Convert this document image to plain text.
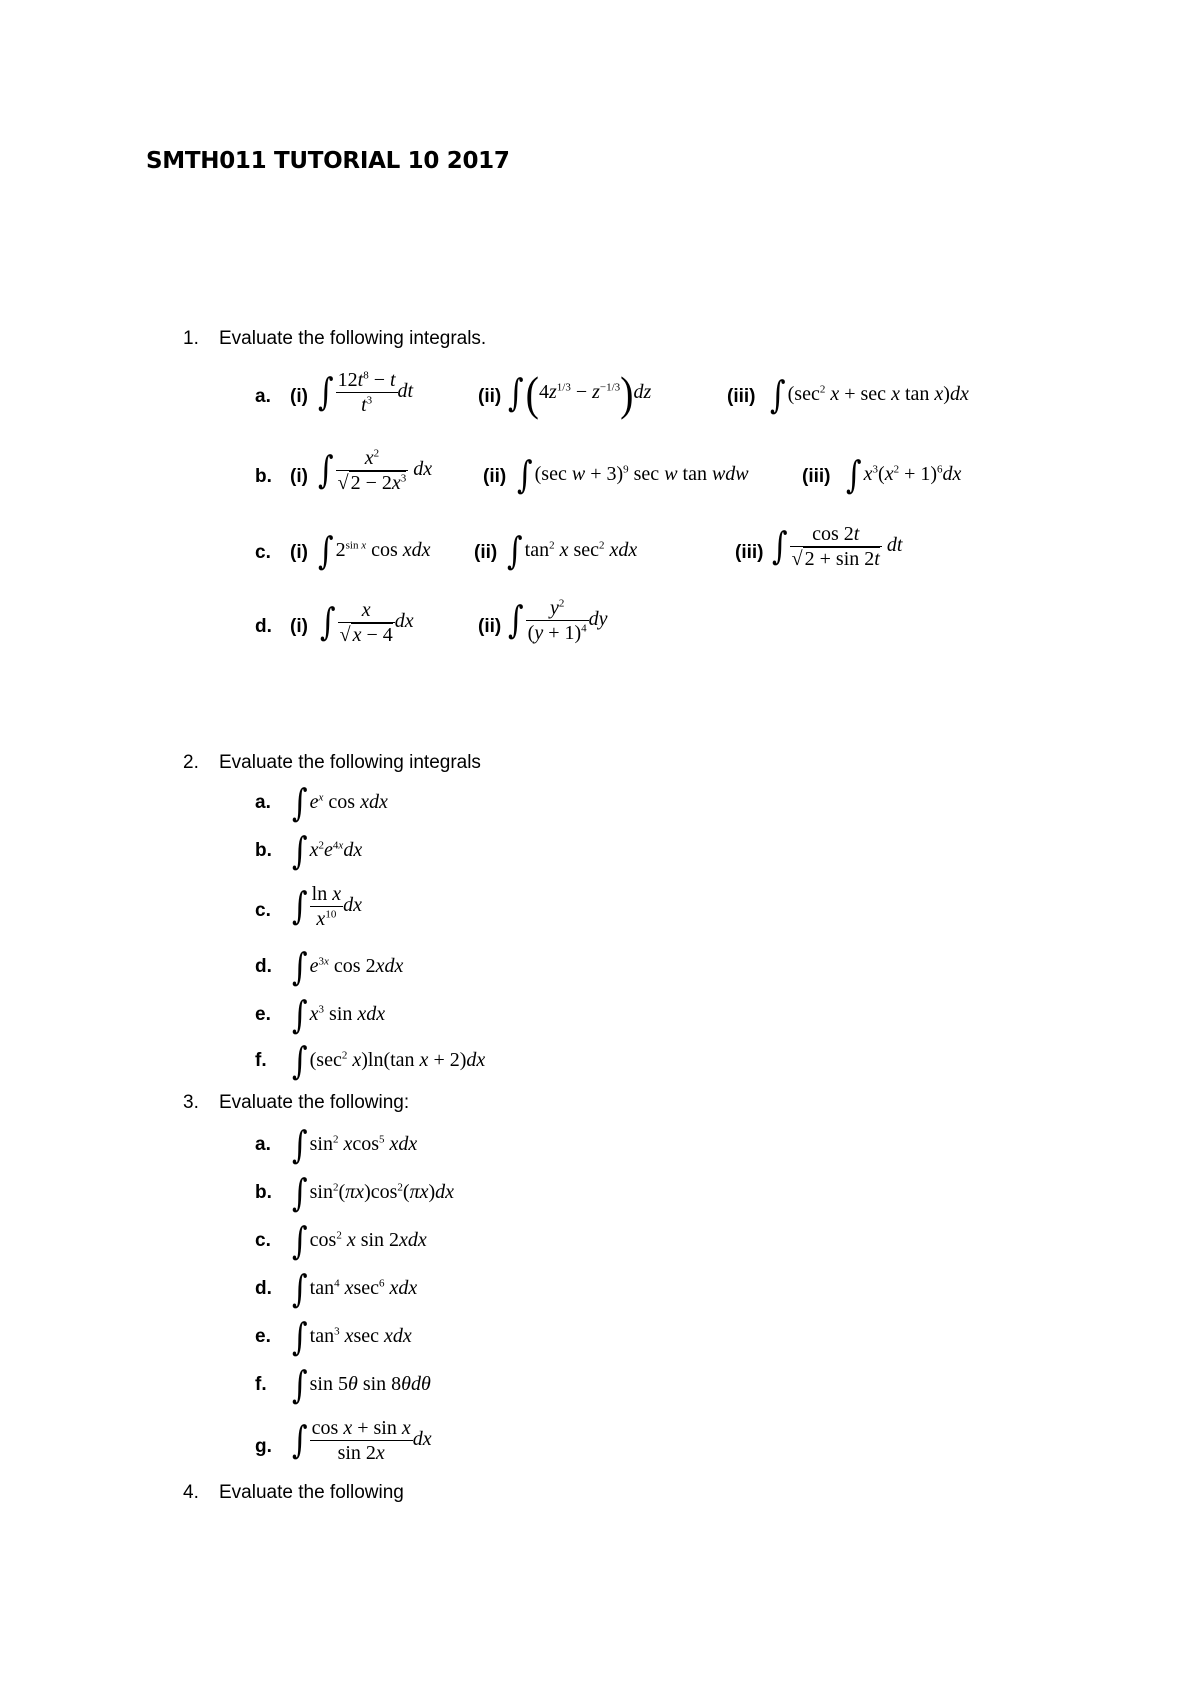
SMTH011 TUTORIAL 10 2017
1. Evaluate the following integrals.
a. (i) ∫ $\frac{12t^8 - t}{t^3}$ dt	(ii) $\int(4z^{1/3} - z^{-1/3})dz$	(iii) ∫ ($\sec^2$ x + sec x tan x)dx
b. (i) ∫ $\frac{x^2}{√ 2 - 2x^3}$ dx	(ii) ∫ (sec w + 3)$^9$ sec w tan wdw	(iii) ∫ $x^3(x^2 + 1)^6dx$
c. (i) ∫ $2^{sin x}$ cos xdx (ii) ∫ $\tan^2 x$ $\sec^2$ xdx	(iii) ∫ $\frac{\cos 2t}{√ 2 + \sin 2t}$ dt
d. (i) ∫ $\frac{x}{√ x - 4}$ dx	(ii) ∫ $\frac{y^2}{(y + 1)^4}$ dy
2. Evaluate the following integrals
a. ∫ $e^x$ cos xdx
b. ∫ $x^2e^{4x}dx$
c. ∫ $\frac{\text{ln x}}{x^{10}}$ dx
d. ∫ $e^{3x}$ cos 2xdx
e. ∫ $x^3$ sin xdx
f. ∫ ($\sec^2$ x)ln(tan x + 2)dx
3. Evaluate the following:
a. ∫ $\sin^2 xcos^5$ xdx
b. ∫ $\sin^2(\pi x)\cos^2(\pi x)dx$
c. ∫ $\cos^2 x$ sin 2xdx
d. ∫ $\tan^4 xsec^6$ xdx
e. ∫ $\tan^3 xsec$ xdx
f. ∫ sin 5θ sin 8θdθ
g. ∫ $\frac{\text{cos x + sin x}}{\sin 2x}$ dx
4. Evaluate the following
